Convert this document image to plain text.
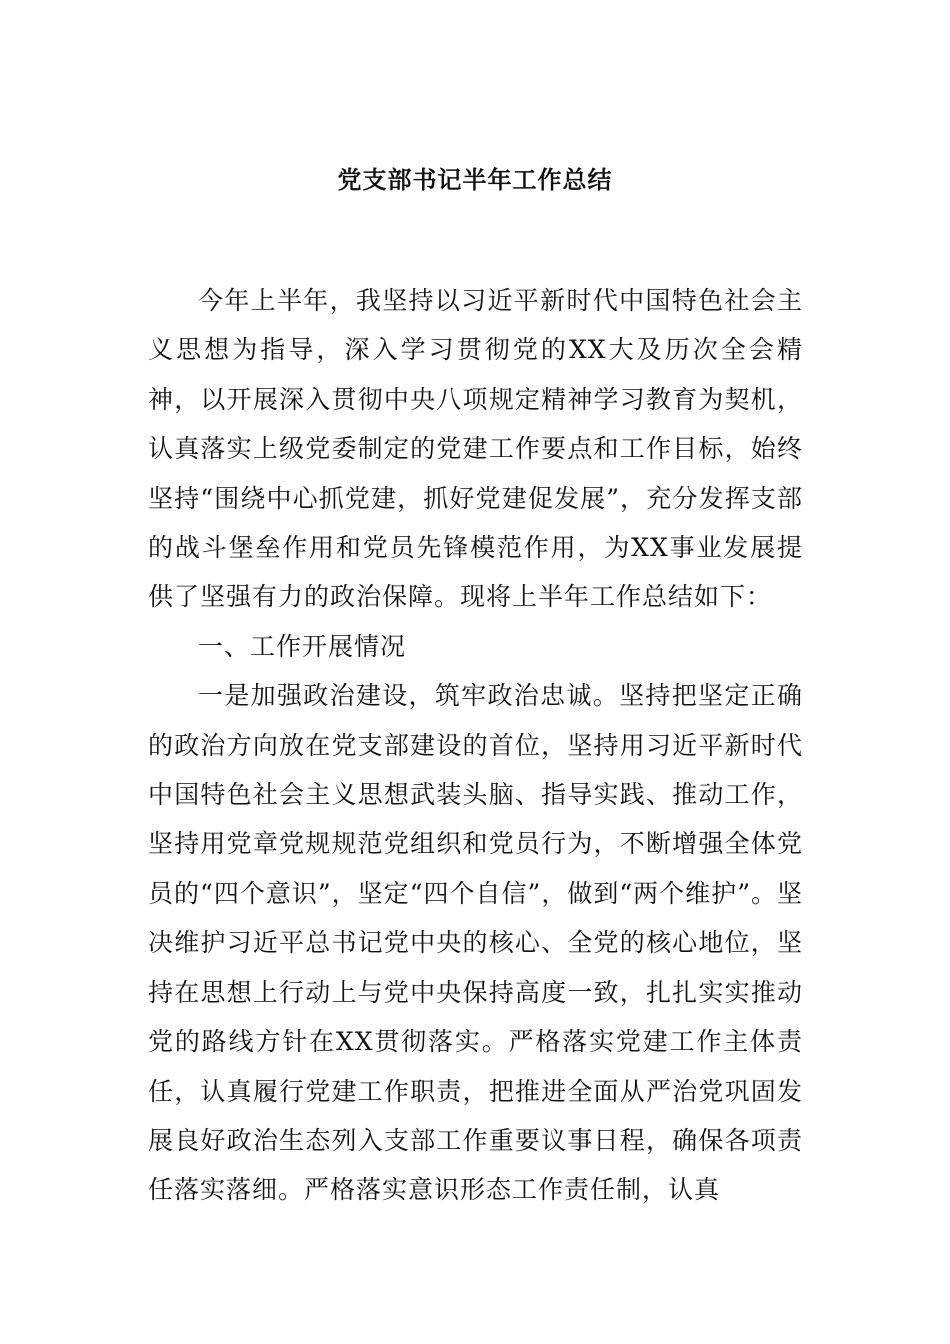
党支部书记半年工作总结

今年上半年，我坚持以习近平新时代中国特色社会主义思想为指导，深入学习贯彻党的XX大及历次全会精神，以开展深入贯彻中央八项规定精神学习教育为契机，认真落实上级党委制定的党建工作要点和工作目标，始终坚持“围绕中心抓党建，抓好党建促发展”，充分发挥支部的战斗堡垒作用和党员先锋模范作用，为XX事业发展提供了坚强有力的政治保障。现将上半年工作总结如下：

一、工作开展情况

一是加强政治建设，筑牢政治忠诚。坚持把坚定正确的政治方向放在党支部建设的首位，坚持用习近平新时代中国特色社会主义思想武装头脑、指导实践、推动工作，坚持用党章党规规范党组织和党员行为，不断增强全体党员的“四个意识”，坚定“四个自信”，做到“两个维护”。坚决维护习近平总书记党中央的核心、全党的核心地位，坚持在思想上行动上与党中央保持高度一致，扎扎实实推动党的路线方针在XX贯彻落实。严格落实党建工作主体责任，认真履行党建工作职责，把推进全面从严治党巩固发展良好政治生态列入支部工作重要议事日程，确保各项责任落实落细。严格落实意识形态工作责任制，认真
